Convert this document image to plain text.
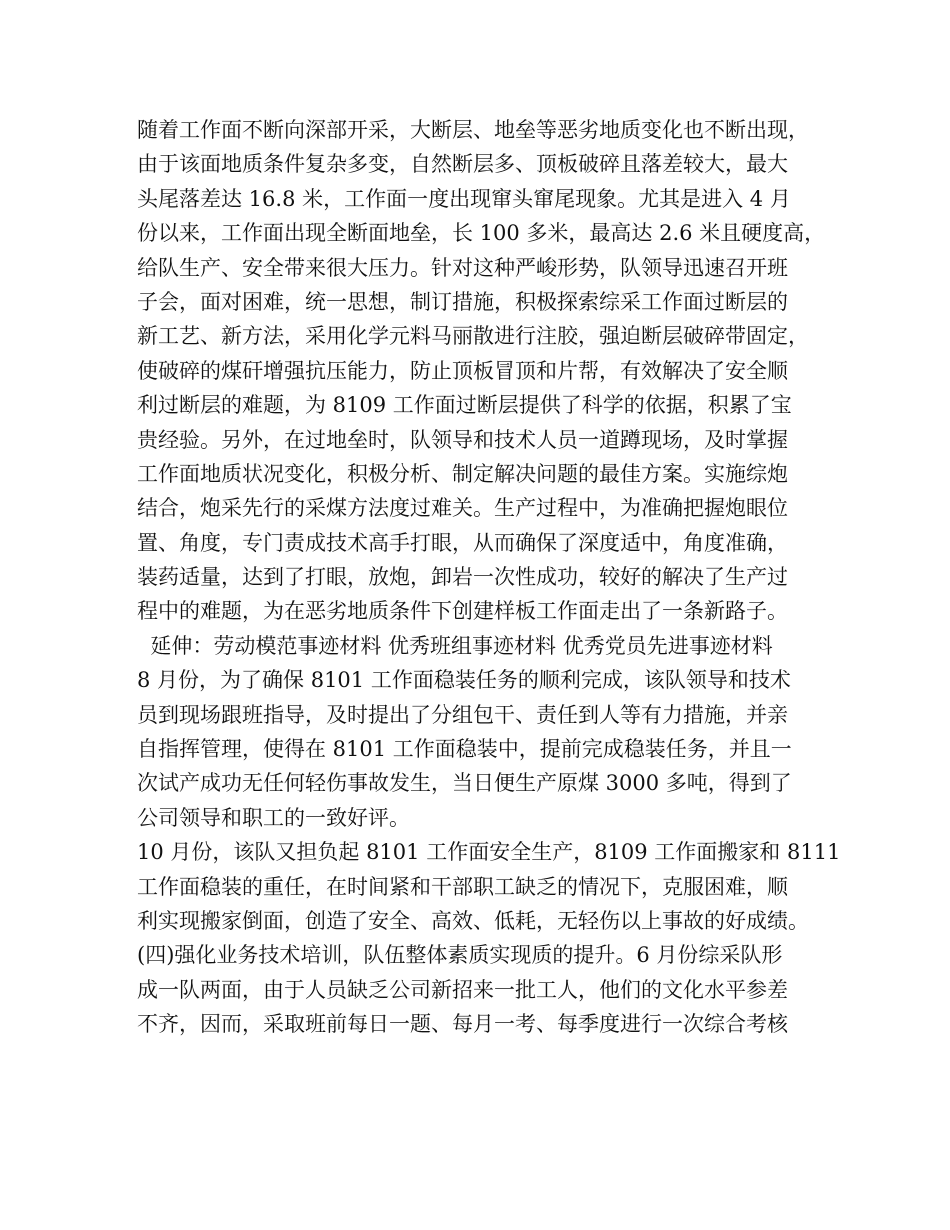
随着工作面不断向深部开采，大断层、地垒等恶劣地质变化也不断出现，
由于该面地质条件复杂多变，自然断层多、顶板破碎且落差较大，最大
头尾落差达 16.8 米，工作面一度出现窜头窜尾现象。尤其是进入 4 月
份以来，工作面出现全断面地垒，长 100 多米，最高达 2.6 米且硬度高，
给队生产、安全带来很大压力。针对这种严峻形势，队领导迅速召开班
子会，面对困难，统一思想，制订措施，积极探索综采工作面过断层的
新工艺、新方法，采用化学元料马丽散进行注胶，强迫断层破碎带固定，
使破碎的煤矸增强抗压能力，防止顶板冒顶和片帮，有效解决了安全顺
利过断层的难题，为 8109 工作面过断层提供了科学的依据，积累了宝
贵经验。另外，在过地垒时，队领导和技术人员一道蹲现场，及时掌握
工作面地质状况变化，积极分析、制定解决问题的最佳方案。实施综炮
结合，炮采先行的采煤方法度过难关。生产过程中，为准确把握炮眼位
置、角度，专门责成技术高手打眼，从而确保了深度适中，角度准确，
装药适量，达到了打眼，放炮，卸岩一次性成功，较好的解决了生产过
程中的难题，为在恶劣地质条件下创建样板工作面走出了一条新路子。
延伸：劳动模范事迹材料 优秀班组事迹材料 优秀党员先进事迹材料
8 月份，为了确保 8101 工作面稳装任务的顺利完成，该队领导和技术
员到现场跟班指导，及时提出了分组包干、责任到人等有力措施，并亲
自指挥管理，使得在 8101 工作面稳装中，提前完成稳装任务，并且一
次试产成功无任何轻伤事故发生，当日便生产原煤 3000 多吨，得到了
公司领导和职工的一致好评。
10 月份，该队又担负起 8101 工作面安全生产，8109 工作面搬家和 8111
工作面稳装的重任，在时间紧和干部职工缺乏的情况下，克服困难，顺
利实现搬家倒面，创造了安全、高效、低耗，无轻伤以上事故的好成绩。
(四)强化业务技术培训，队伍整体素质实现质的提升。6 月份综采队形
成一队两面，由于人员缺乏公司新招来一批工人，他们的文化水平参差
不齐，因而，采取班前每日一题、每月一考、每季度进行一次综合考核
